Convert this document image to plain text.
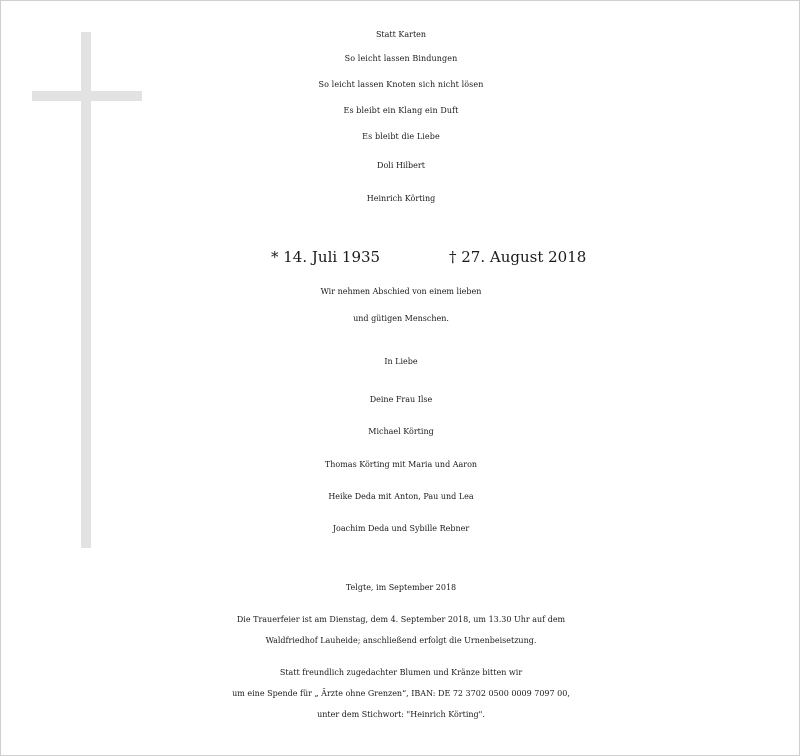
Statt Karten
So leicht lassen Bindungen
So leicht lassen Knoten sich nicht lösen
Es bleibt ein Klang ein Duft
Es bleibt die Liebe
Doli Hilbert
Heinrich Körting
* 14. Juli 1935	† 27. August 2018
Wir nehmen Abschied von einem lieben
und gütigen Menschen.
In Liebe
Deine Frau Ilse
Michael Körting
Thomas Körting mit Maria und Aaron
Heike Deda mit Anton, Pau und Lea
Joachim Deda und Sybille Rebner
Telgte, im September 2018
Die Trauerfeier ist am Dienstag, dem 4. September 2018, um 13.30 Uhr auf dem
Waldfriedhof Lauheide; anschließend erfolgt die Urnenbeisetzung.
Statt freundlich zugedachter Blumen und Kränze bitten wir
um eine Spende für „ Ärzte ohne Grenzen“, IBAN: DE 72 3702 0500 0009 7097 00,
unter dem Stichwort: "Heinrich Körting".
